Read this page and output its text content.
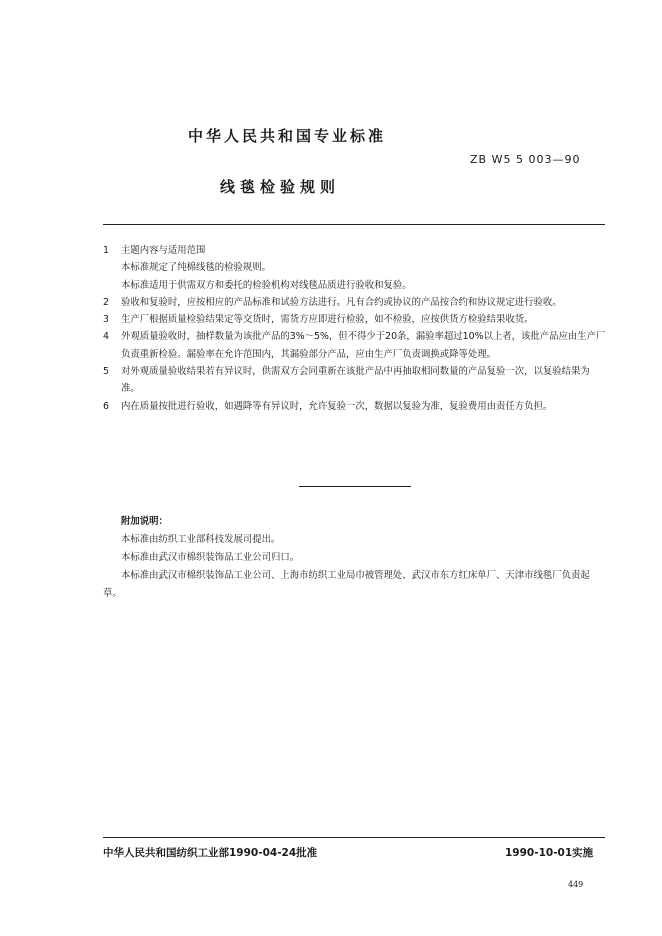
中华人民共和国专业标准
ZB W5 5 003—90
线毯检验规则
1	主题内容与适用范围
本标准规定了纯棉线毯的检验规则。
本标准适用于供需双方和委托的检验机构对线毯品质进行验收和复验。
2	验收和复验时，应按相应的产品标准和试验方法进行。凡有合约或协议的产品按合约和协议规定进行验收。
3	生产厂根据质量检验结果定等交货时，需货方应即进行检验，如不检验，应按供货方检验结果收货。
4	外观质量验收时，抽样数量为该批产品的3%～5%，但不得少于20条，漏验率超过10%以上者，该批产品应由生产厂负责重新检验。漏验率在允许范围内，其漏验部分产品，应由生产厂负责调换或降等处理。
5	对外观质量验收结果若有异议时，供需双方会同重新在该批产品中再抽取相同数量的产品复验一次，以复验结果为准。
6	内在质量按批进行验收，如遇降等有异议时，允许复验一次，数据以复验为准，复验费用由责任方负担。
附加说明：
本标准由纺织工业部科技发展司提出。
本标准由武汉市棉织装饰品工业公司归口。
本标准由武汉市棉织装饰品工业公司、上海市纺织工业局巾被管理处、武汉市东方红床单厂、天津市线毯厂负责起草。
中华人民共和国纺织工业部1990-04-24批准	1990-10-01实施
449
